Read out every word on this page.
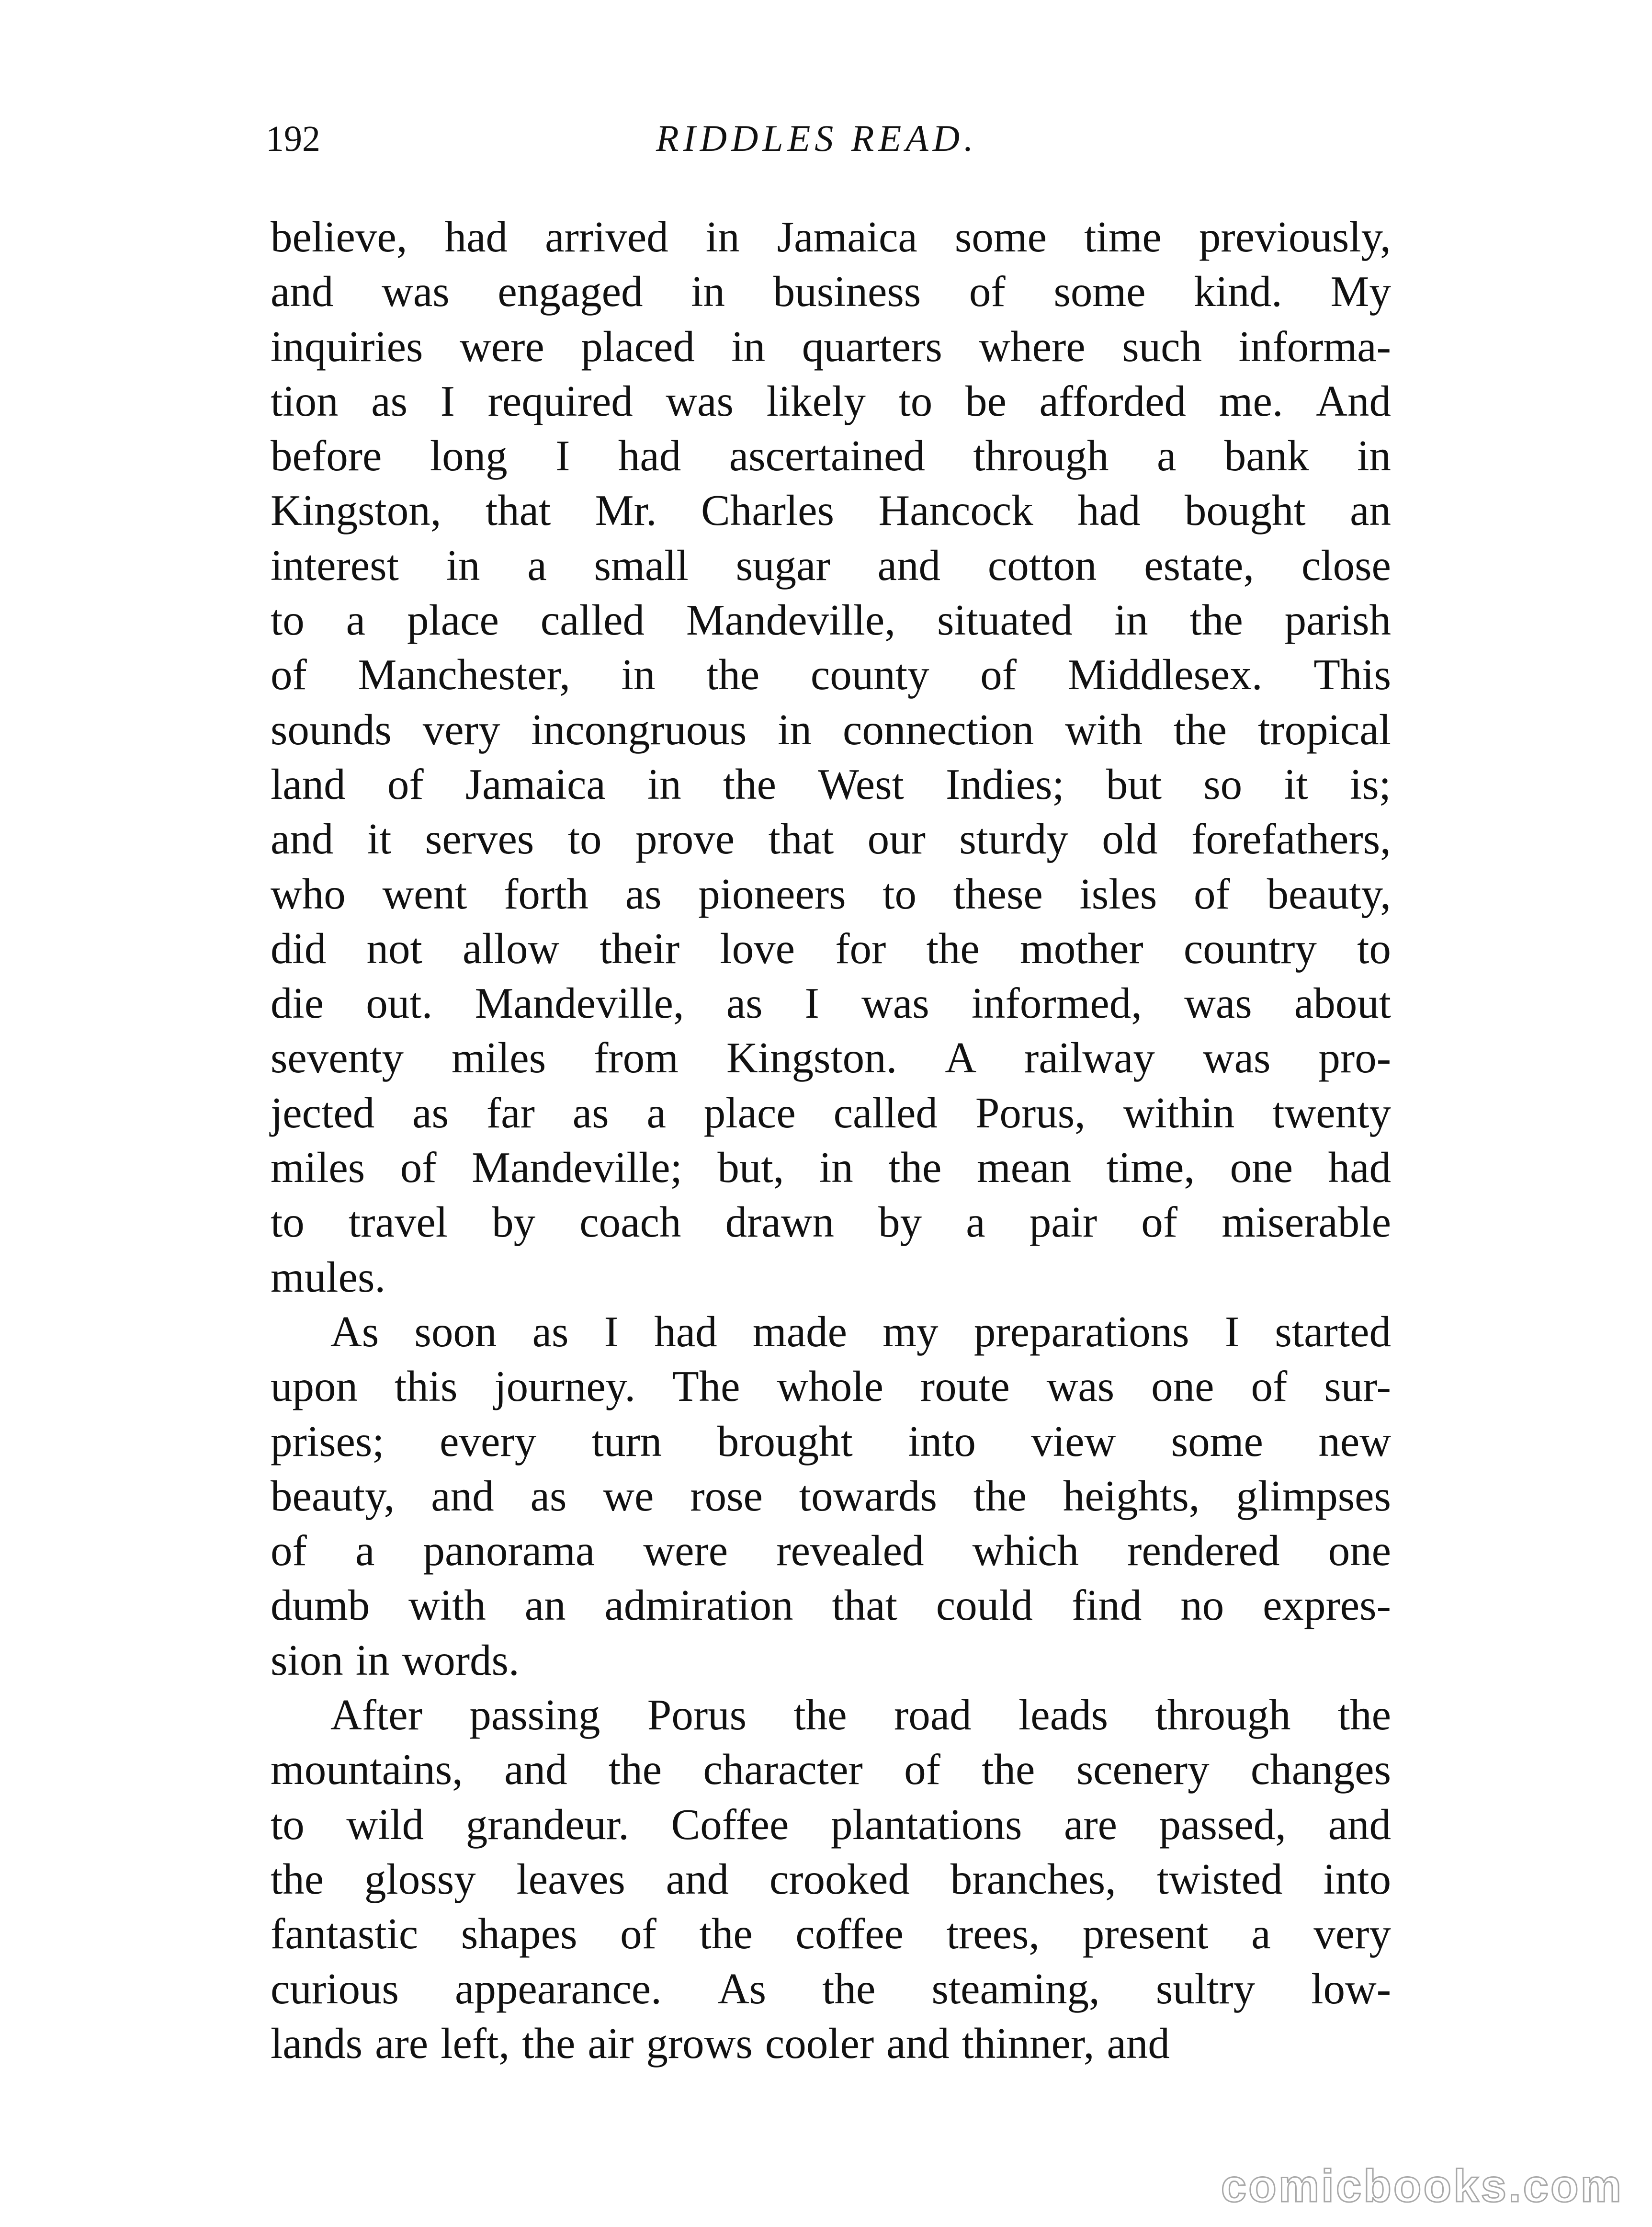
192	RIDDLES READ.
believe, had arrived in Jamaica some time previously,
and was engaged in business of some kind. My
inquiries were placed in quarters where such informa-
tion as I required was likely to be afforded me. And
before long I had ascertained through a bank in
Kingston, that Mr. Charles Hancock had bought an
interest in a small sugar and cotton estate, close
to a place called Mandeville, situated in the parish
of Manchester, in the county of Middlesex. This
sounds very incongruous in connection with the tropical
land of Jamaica in the West Indies; but so it is;
and it serves to prove that our sturdy old forefathers,
who went forth as pioneers to these isles of beauty,
did not allow their love for the mother country to
die out. Mandeville, as I was informed, was about
seventy miles from Kingston. A railway was pro-
jected as far as a place called Porus, within twenty
miles of Mandeville; but, in the mean time, one had
to travel by coach drawn by a pair of miserable
mules.
As soon as I had made my preparations I started
upon this journey. The whole route was one of sur-
prises; every turn brought into view some new
beauty, and as we rose towards the heights, glimpses
of a panorama were revealed which rendered one
dumb with an admiration that could find no expres-
sion in words.
After passing Porus the road leads through the
mountains, and the character of the scenery changes
to wild grandeur. Coffee plantations are passed, and
the glossy leaves and crooked branches, twisted into
fantastic shapes of the coffee trees, present a very
curious appearance. As the steaming, sultry low-
lands are left, the air grows cooler and thinner, and
comicbooks.com
